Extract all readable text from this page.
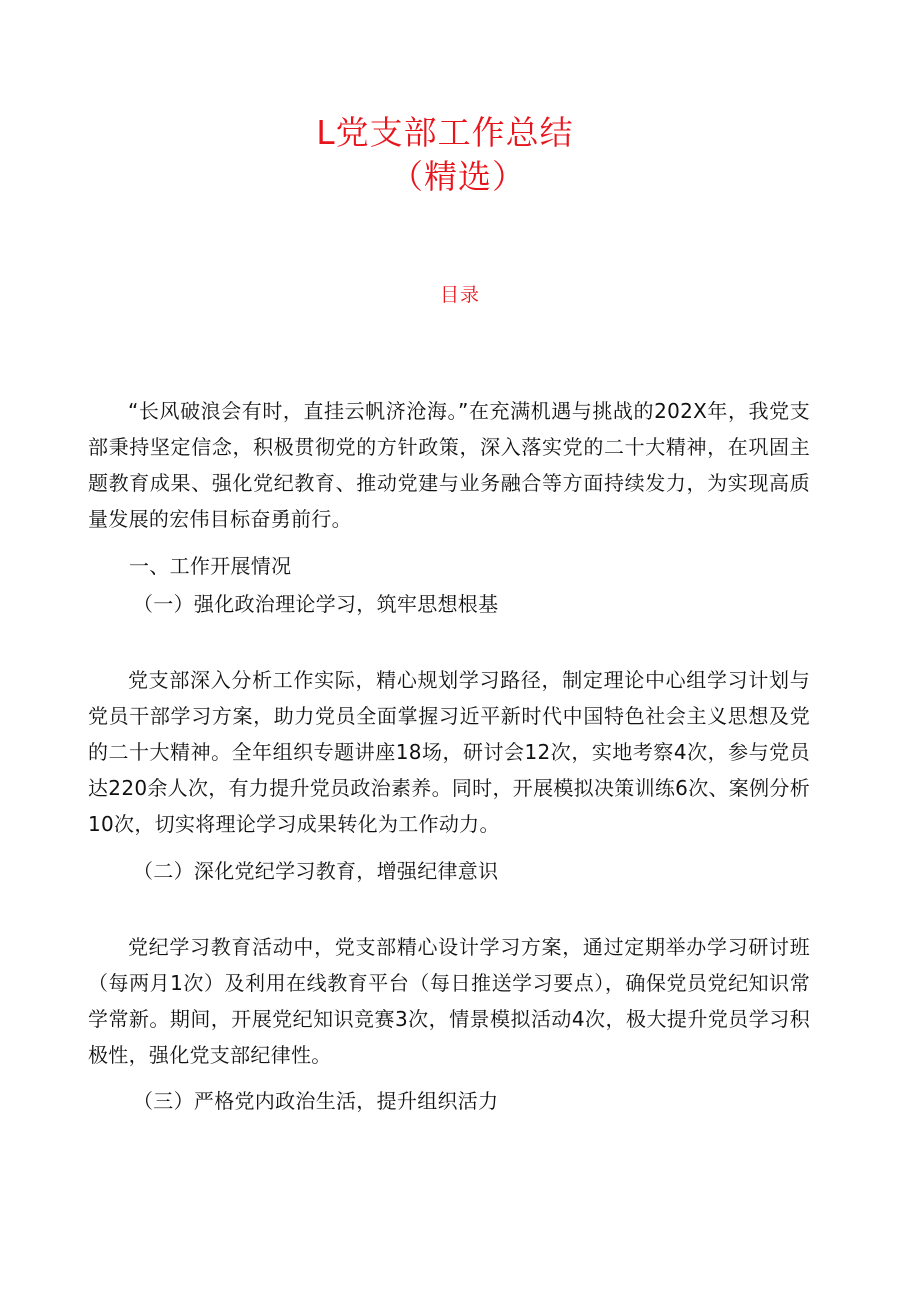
L党支部工作总结
（精选）
目录
“长风破浪会有时，直挂云帆济沧海。”在充满机遇与挑战的202X年，我党支部秉持坚定信念，积极贯彻党的方针政策，深入落实党的二十大精神，在巩固主题教育成果、强化党纪教育、推动党建与业务融合等方面持续发力，为实现高质量发展的宏伟目标奋勇前行。
一、工作开展情况
（一）强化政治理论学习，筑牢思想根基
党支部深入分析工作实际，精心规划学习路径，制定理论中心组学习计划与党员干部学习方案，助力党员全面掌握习近平新时代中国特色社会主义思想及党的二十大精神。全年组织专题讲座18场，研讨会12次，实地考察4次，参与党员达220余人次，有力提升党员政治素养。同时，开展模拟决策训练6次、案例分析10次，切实将理论学习成果转化为工作动力。
（二）深化党纪学习教育，增强纪律意识
党纪学习教育活动中，党支部精心设计学习方案，通过定期举办学习研讨班（每两月1次）及利用在线教育平台（每日推送学习要点），确保党员党纪知识常学常新。期间，开展党纪知识竞赛3次，情景模拟活动4次，极大提升党员学习积极性，强化党支部纪律性。
（三）严格党内政治生活，提升组织活力
